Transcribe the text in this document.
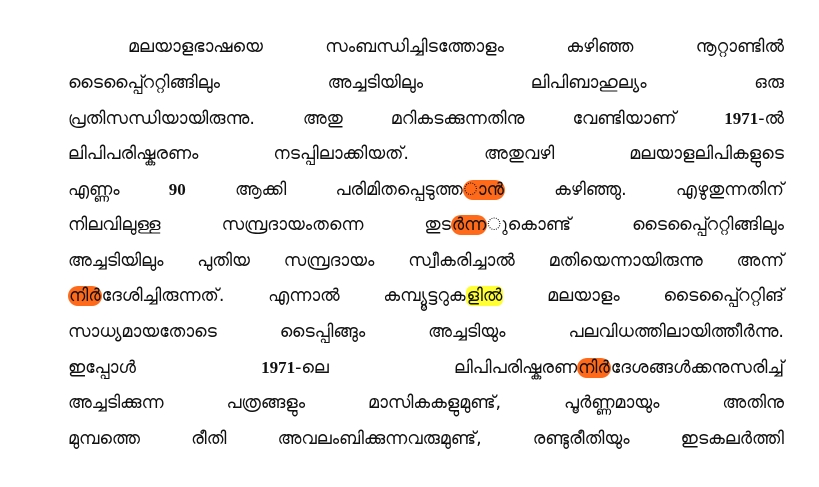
മലയാളഭാഷയെ	സംബന്ധിച്ചിടത്തോളം	കഴിഞ്ഞ	നൂറ്റാണ്ടിൽ
ടൈപ്പ്റൈറ്റിങ്ങിലും	അച്ചടിയിലും	ലിപിബാഹുല്യം	ഒരു
പ്രതിസന്ധിയായിരുന്നു.	അതു	മറികടക്കുന്നതിനു	വേണ്ടിയാണ്	1971-ൽ
ലിപിപരിഷ്കരണം	നടപ്പിലാക്കിയത്.	അതുവഴി	മലയാളലിപികളുടെ
എണ്ണം	90	ആക്കി	പരിമിതപ്പെടുത്താൻ	കഴിഞ്ഞു.	എഴുതുന്നതിന്
നിലവിലുള്ള	സമ്പ്രദായംതന്നെ	തുടർന്നുകൊണ്ട്	ടൈപ്പ്റൈറ്റിങ്ങിലും
അച്ചടിയിലും പുതിയ സമ്പ്രദായം സ്വീകരിച്ചാൽ മതിയെന്നായിരുന്നു അന്ന്
നിർദേശിച്ചിരുന്നത്.	എന്നാൽ	കമ്പ്യൂട്ടറുകളിൽ	മലയാളം	ടൈപ്പ്റൈറ്റിങ്
സാധ്യമായതോടെ	ടൈപ്പിങ്ങും	അച്ചടിയും	പലവിധത്തിലായിത്തീർന്നു.
ഇപ്പോൾ	1971-ലെ	ലിപിപരിഷ്കരണനിർദേശങ്ങൾക്കനുസരിച്ച്
അച്ചടിക്കുന്ന	പത്രങ്ങളും	മാസികകളുമുണ്ട്,	പൂർണ്ണമായും	അതിനു
മുമ്പത്തെ	രീതി	അവലംബിക്കുന്നവരുമുണ്ട്,	രണ്ടുരീതിയും	ഇടകലർത്തി
